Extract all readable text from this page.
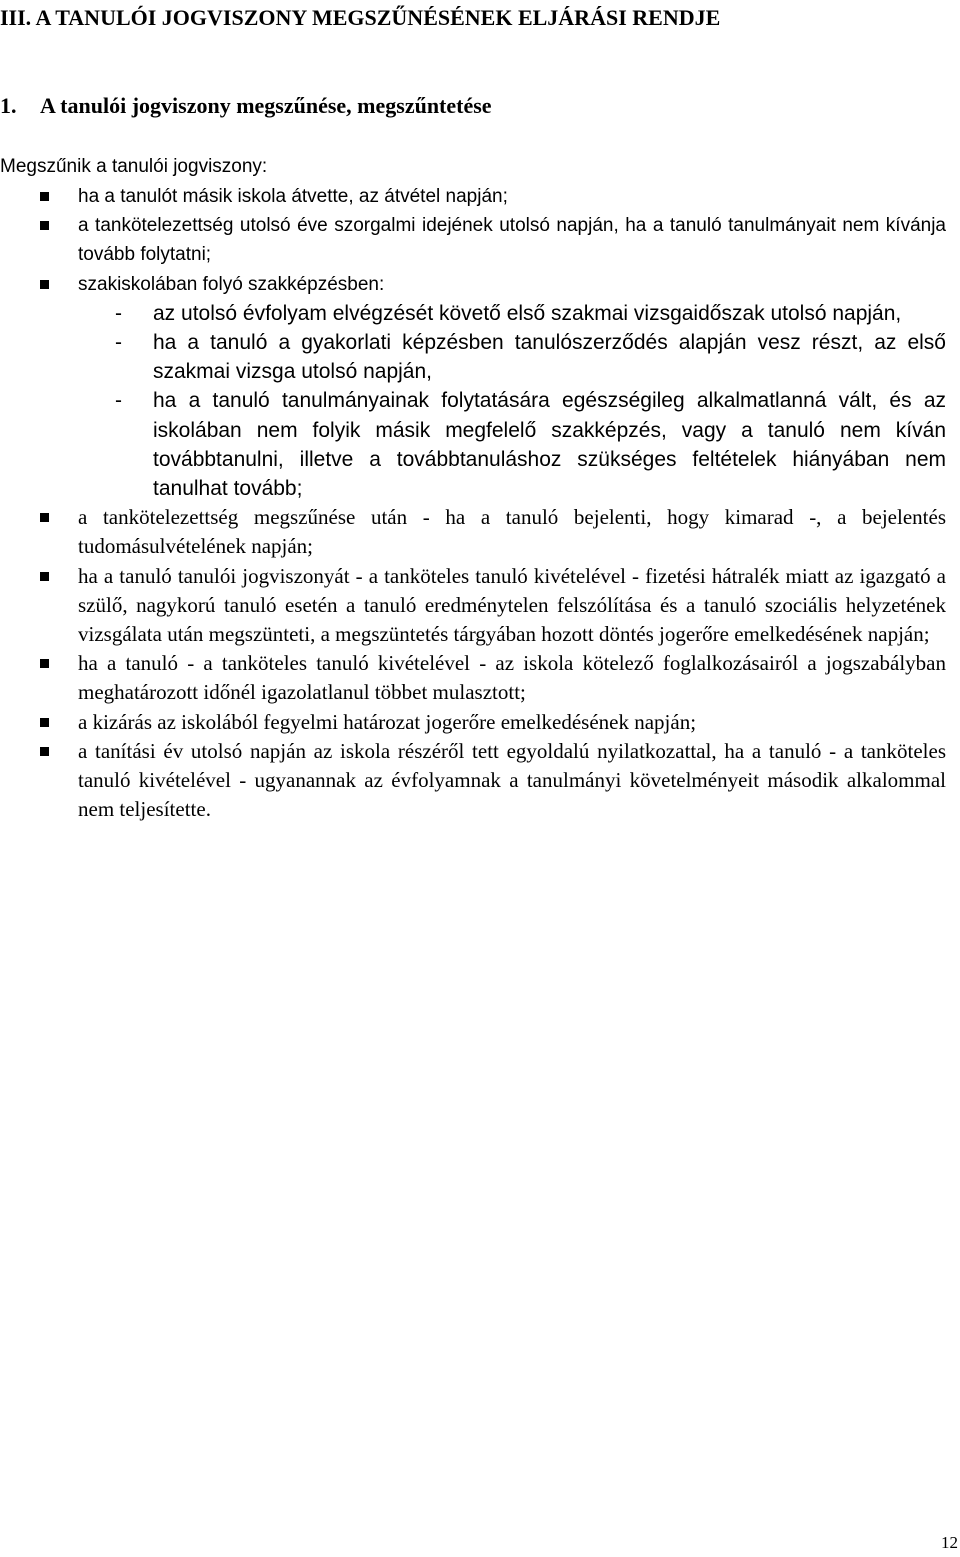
III. A TANULÓI JOGVISZONY MEGSZŰNÉSÉNEK ELJÁRÁSI RENDJE
1. A tanulói jogviszony megszűnése, megszűntetése
Megszűnik a tanulói jogviszony:
ha a tanulót másik iskola átvette, az átvétel napján;
a tankötelezettség utolsó éve szorgalmi idejének utolsó napján, ha a tanuló tanulmányait nem kívánja tovább folytatni;
szakiskolában folyó szakképzésben:
- az utolsó évfolyam elvégzését követő első szakmai vizsgaidőszak utolsó napján,
- ha a tanuló a gyakorlati képzésben tanulószerződés alapján vesz részt, az első szakmai vizsga utolsó napján,
- ha a tanuló tanulmányainak folytatására egészségileg alkalmatlanná vált, és az iskolában nem folyik másik megfelelő szakképzés, vagy a tanuló nem kíván továbbtanulni, illetve a továbbtanuláshoz szükséges feltételek hiányában nem tanulhat tovább;
a tankötelezettség megszűnése után - ha a tanuló bejelenti, hogy kimarad -, a bejelentés tudomásulvételének napján;
ha a tanuló tanulói jogviszonyát - a tanköteles tanuló kivételével - fizetési hátralék miatt az igazgató a szülő, nagykorú tanuló esetén a tanuló eredménytelen felszólítása és a tanuló szociális helyzetének vizsgálata után megszünteti, a megszüntetés tárgyában hozott döntés jogerőre emelkedésének napján;
ha a tanuló - a tanköteles tanuló kivételével - az iskola kötelező foglalkozásairól a jogszabályban meghatározott időnél igazolatlanul többet mulasztott;
a kizárás az iskolából fegyelmi határozat jogerőre emelkedésének napján;
a tanítási év utolsó napján az iskola részéről tett egyoldalú nyilatkozattal, ha a tanuló - a tanköteles tanuló kivételével - ugyanannak az évfolyamnak a tanulmányi követelményeit második alkalommal nem teljesítette.
12
